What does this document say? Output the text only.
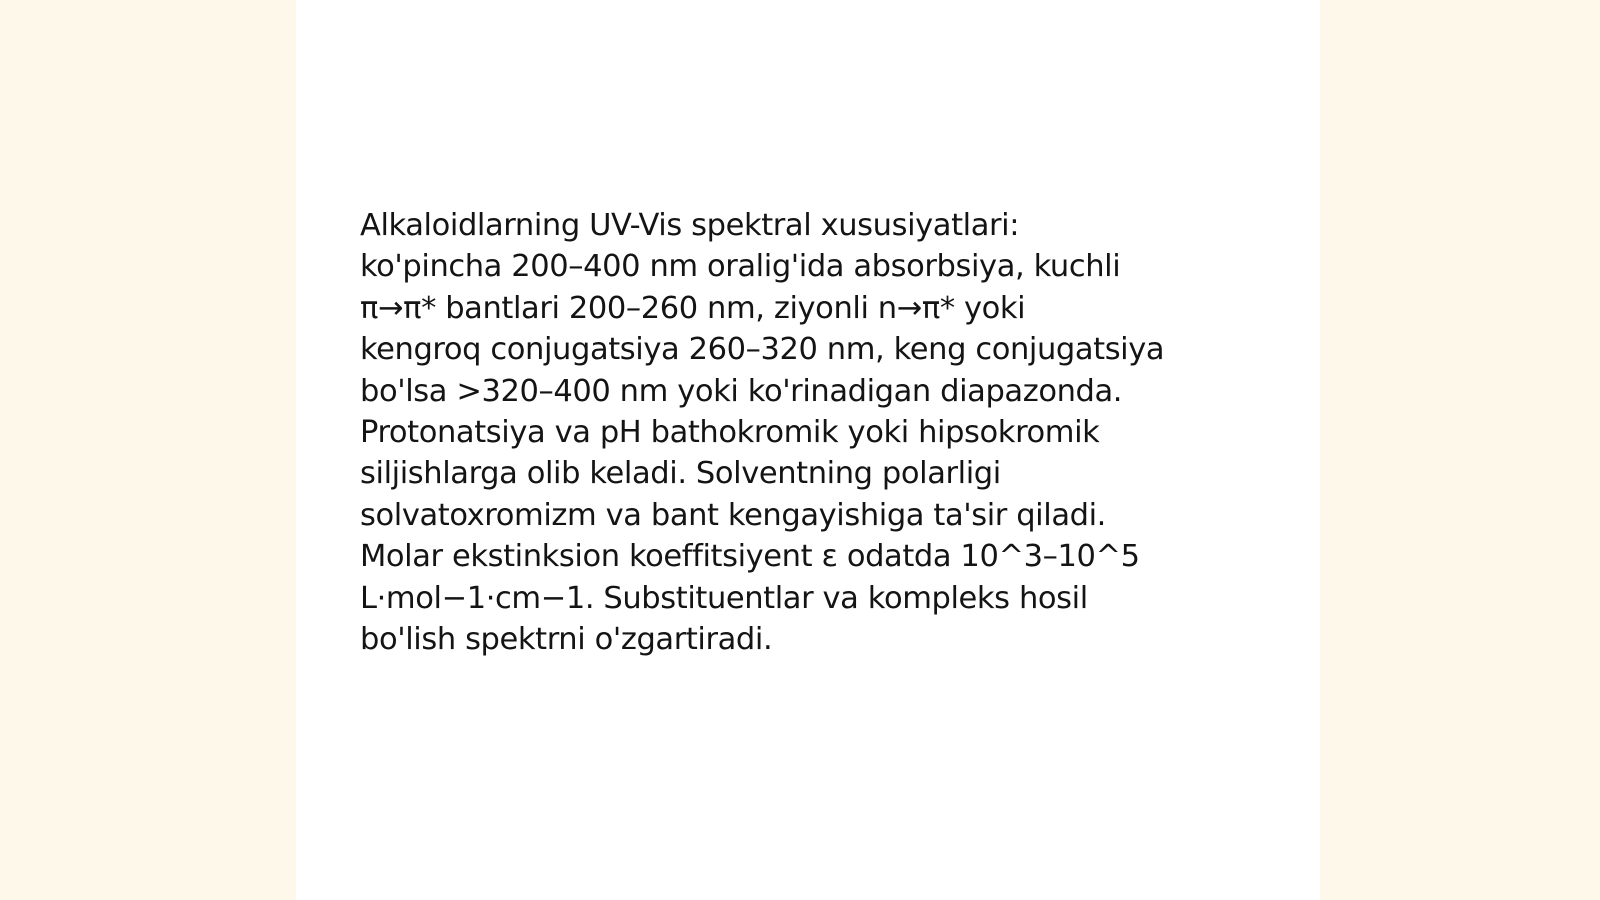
Alkaloidlarning UV-Vis spektral xususiyatlari:
ko'pincha 200–400 nm oralig'ida absorbsiya, kuchli
π→π* bantlari 200–260 nm, ziyonli n→π* yoki
kengroq conjugatsiya 260–320 nm, keng conjugatsiya
bo'lsa >320–400 nm yoki ko'rinadigan diapazonda.
Protonatsiya va pH bathokromik yoki hipsokromik
siljishlarga olib keladi. Solventning polarligi
solvatoxromizm va bant kengayishiga ta'sir qiladi.
Molar ekstinksion koeffitsiyent ε odatda 10^3–10^5
L·mol−1·cm−1. Substituentlar va kompleks hosil
bo'lish spektrni o'zgartiradi.
